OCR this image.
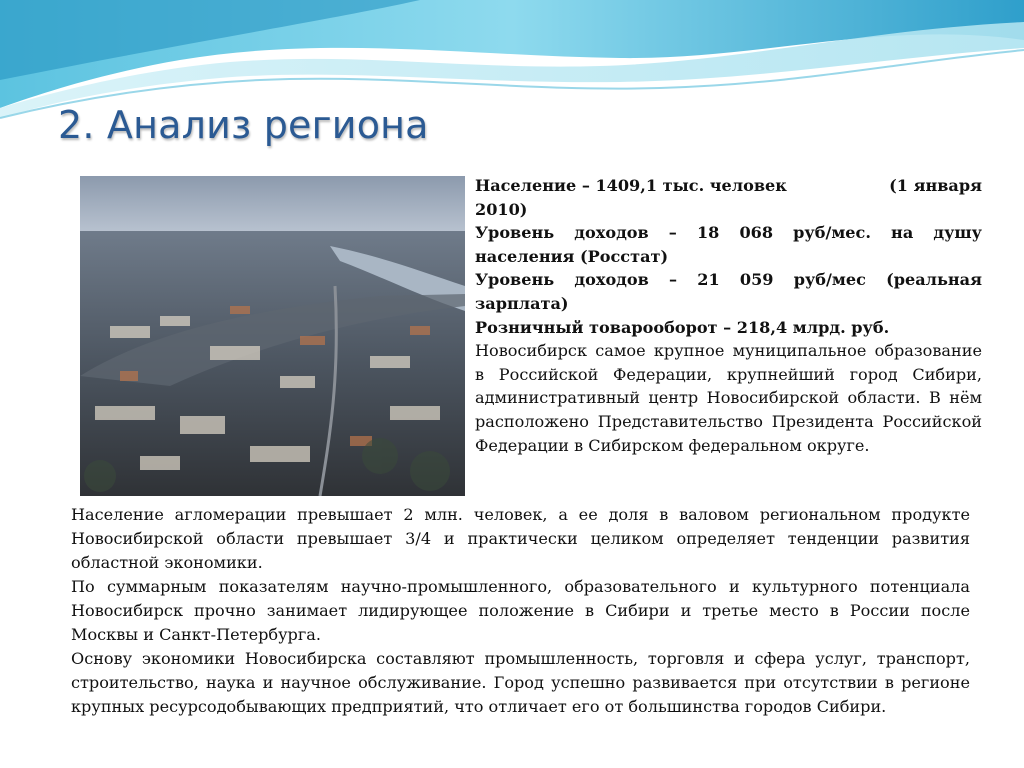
2. Анализ региона
Население – 1409,1 тыс. человек	(1 января

2010)

Уровень доходов – 18 068 руб/мес. на душу населения (Росстат)

Уровень доходов – 21 059 руб/мес (реальная зарплата)

Розничный товарооборот – 218,4 млрд. руб.

Новосибирск самое крупное муниципальное образование в Российской Федерации, крупнейший город Сибири, административный центр Новосибирской области. В нём расположено Представительство Президента Российской Федерации в Сибирском федеральном округе.

Население агломерации превышает 2 млн. человек, а ее доля в валовом региональном продукте Новосибирской области превышает 3/4 и практически целиком определяет тенденции развития областной экономики.

По суммарным показателям научно-промышленного, образовательного и культурного потенциала Новосибирск прочно занимает лидирующее положение в Сибири и третье место в России после Москвы и Санкт-Петербурга.

Основу экономики Новосибирска составляют промышленность, торговля и сфера услуг, транспорт, строительство, наука и научное обслуживание. Город успешно развивается при отсутствии в регионе крупных ресурсодобывающих предприятий, что отличает его от большинства городов Сибири.
